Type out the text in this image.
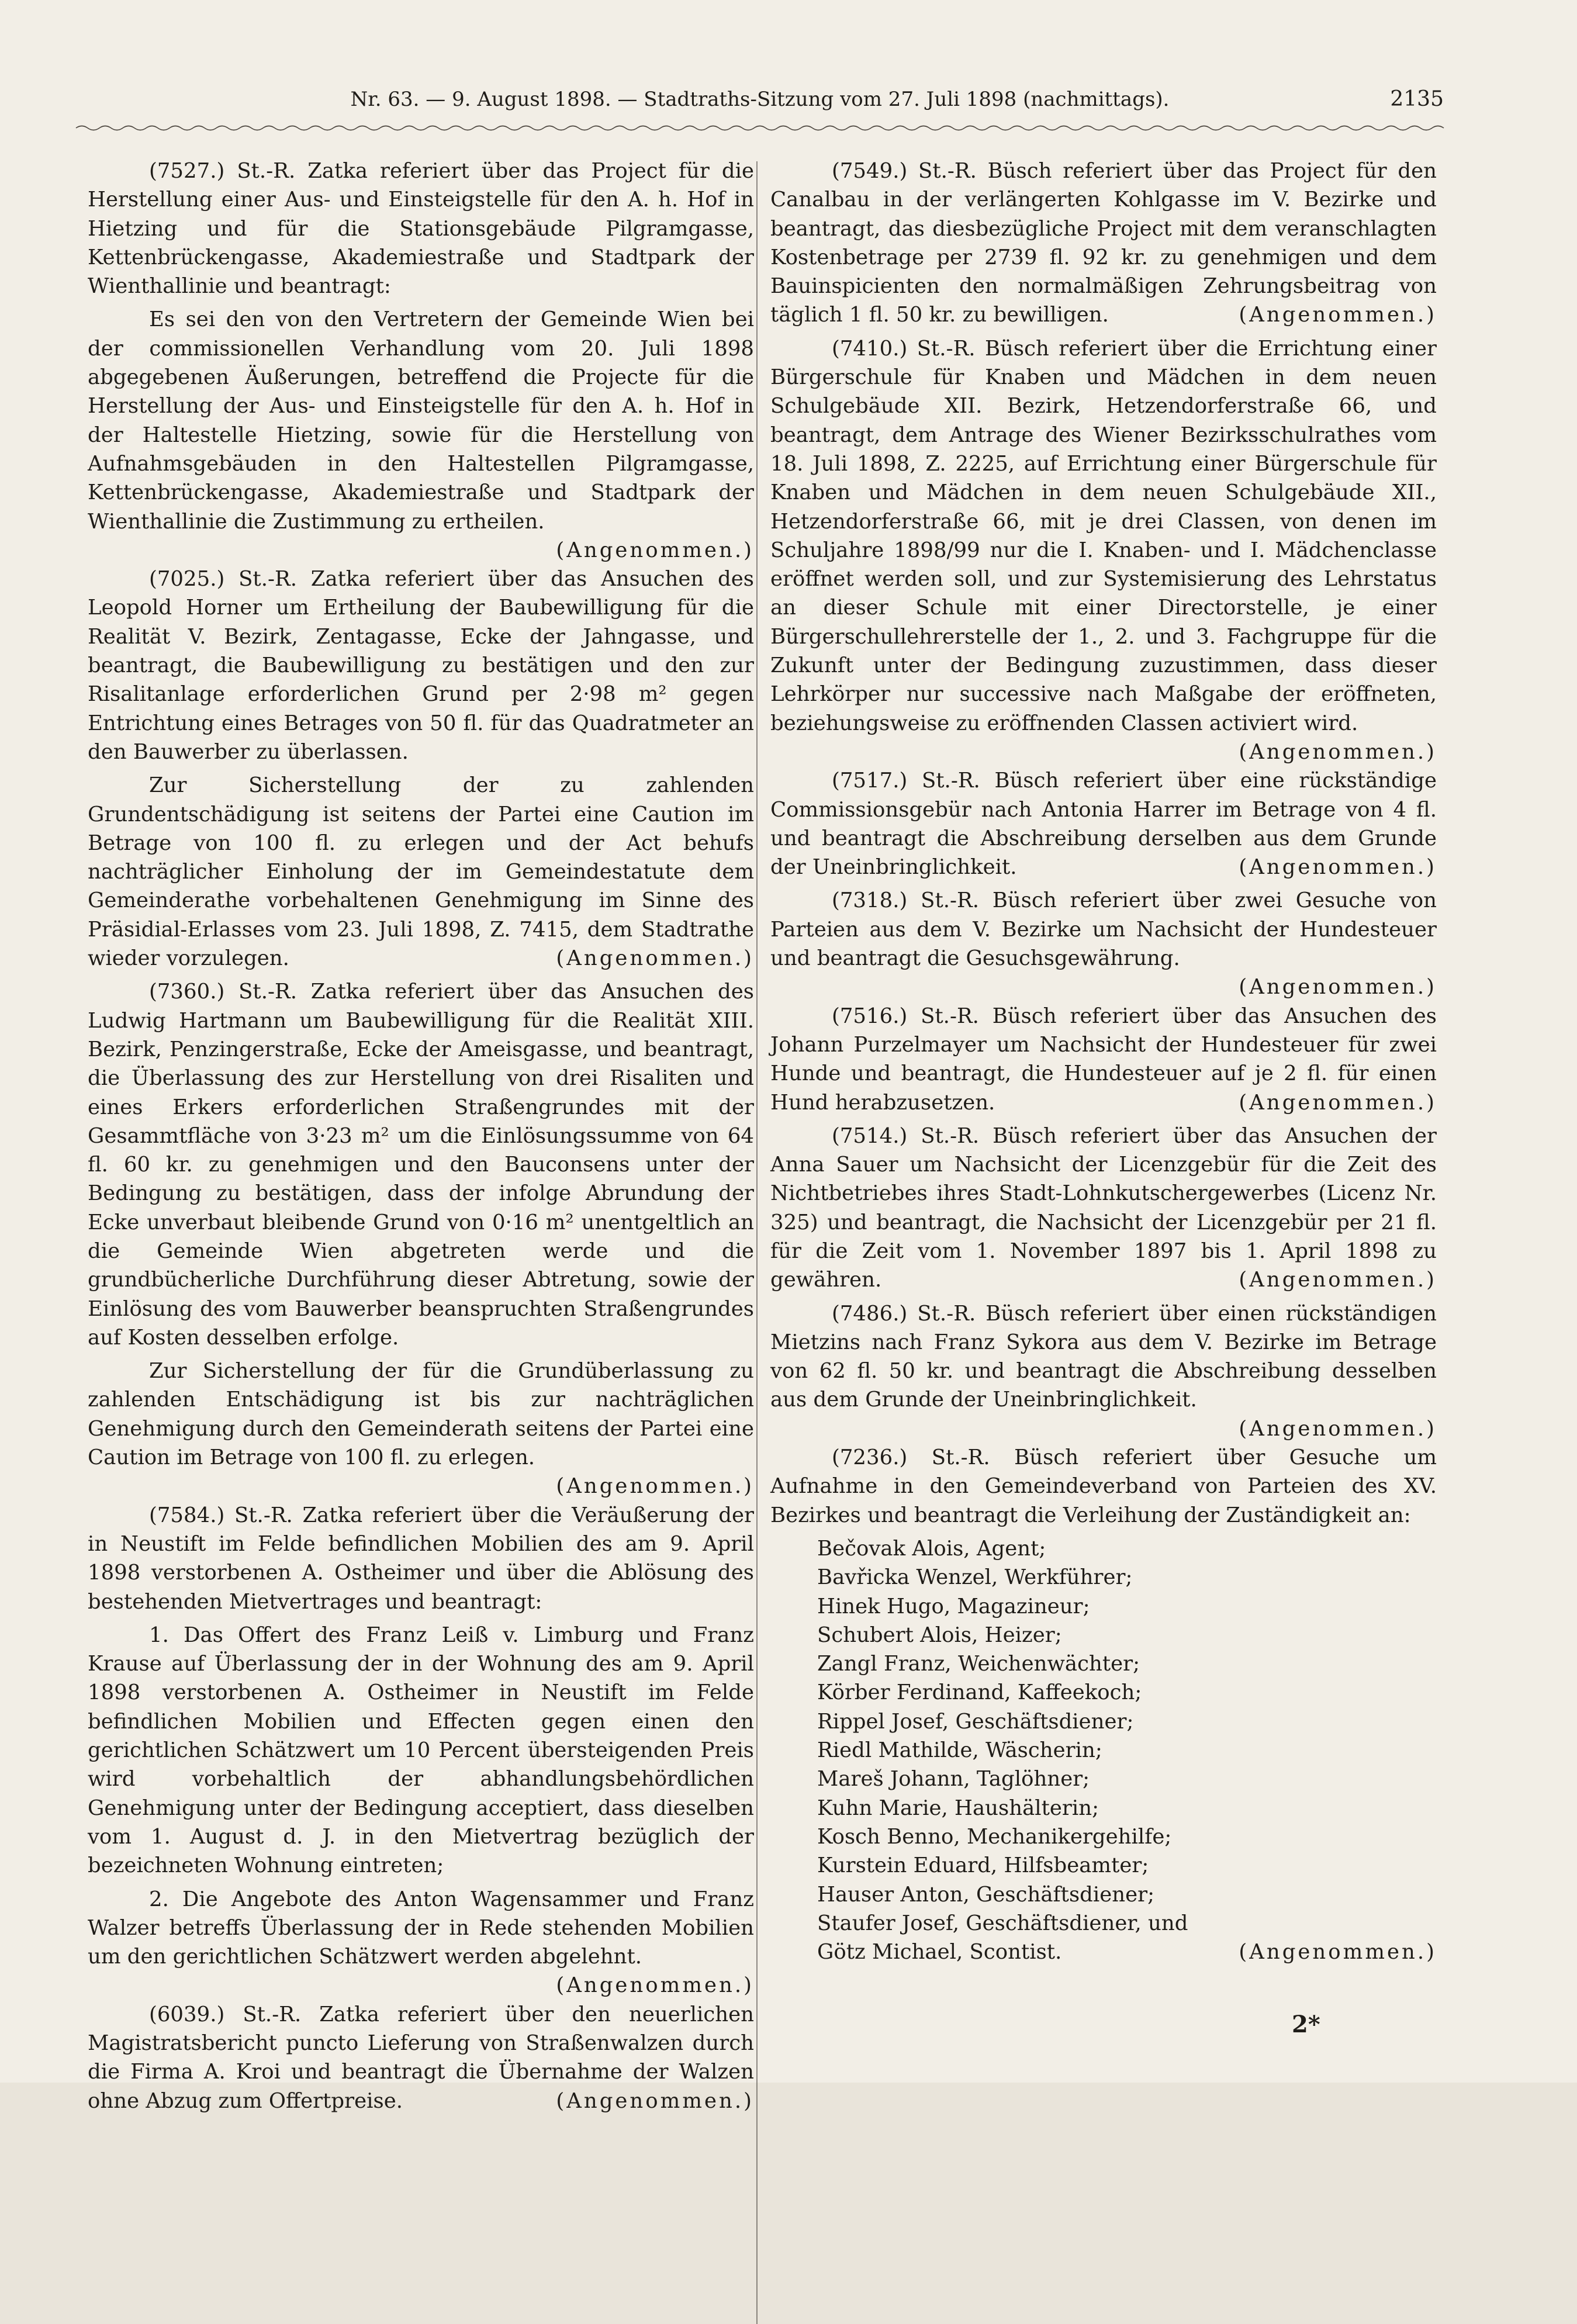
Nr. 63. — 9. August 1898. — Stadtraths-Sitzung vom 27. Juli 1898 (nachmittags).	2135

(7527.) St.-R. Zatka referiert über das Project für die Herstellung einer Aus- und Einsteigstelle für den A. h. Hof in Hietzing und für die Stationsgebäude Pilgramgasse, Kettenbrückengasse, Akademiestraße und Stadtpark der Wienthallinie und beantragt:

Es sei den von den Vertretern der Gemeinde Wien bei der commissionellen Verhandlung vom 20. Juli 1898 abgegebenen Äußerungen, betreffend die Projecte für die Herstellung der Aus- und Einsteigstelle für den A. h. Hof in der Haltestelle Hietzing, sowie für die Herstellung von Aufnahmsgebäuden in den Haltestellen Pilgramgasse, Kettenbrückengasse, Akademiestraße und Stadtpark der Wienthallinie die Zustimmung zu ertheilen.
(Angenommen.)

(7025.) St.-R. Zatka referiert über das Ansuchen des Leopold Horner um Ertheilung der Baubewilligung für die Realität V. Bezirk, Zentagasse, Ecke der Jahngasse, und beantragt, die Baubewilligung zu bestätigen und den zur Risalitanlage erforderlichen Grund per 2·98 m² gegen Entrichtung eines Betrages von 50 fl. für das Quadratmeter an den Bauwerber zu überlassen.

Zur Sicherstellung der zu zahlenden Grundentschädigung ist seitens der Partei eine Caution im Betrage von 100 fl. zu erlegen und der Act behufs nachträglicher Einholung der im Gemeindestatute dem Gemeinderathe vorbehaltenen Genehmigung im Sinne des Präsidial-Erlasses vom 23. Juli 1898, Z. 7415, dem Stadtrathe wieder vorzulegen.	(Angenommen.)

(7360.) St.-R. Zatka referiert über das Ansuchen des Ludwig Hartmann um Baubewilligung für die Realität XIII. Bezirk, Penzingerstraße, Ecke der Ameisgasse, und beantragt, die Überlassung des zur Herstellung von drei Risaliten und eines Erkers erforderlichen Straßengrundes mit der Gesammtfläche von 3·23 m² um die Einlösungssumme von 64 fl. 60 kr. zu genehmigen und den Bauconsens unter der Bedingung zu bestätigen, dass der infolge Abrundung der Ecke unverbaut bleibende Grund von 0·16 m² unentgeltlich an die Gemeinde Wien abgetreten werde und die grundbücherliche Durchführung dieser Abtretung, sowie der Einlösung des vom Bauwerber beanspruchten Straßengrundes auf Kosten desselben erfolge.

Zur Sicherstellung der für die Grundüberlassung zu zahlenden Entschädigung ist bis zur nachträglichen Genehmigung durch den Gemeinderath seitens der Partei eine Caution im Betrage von 100 fl. zu erlegen.
(Angenommen.)

(7584.) St.-R. Zatka referiert über die Veräußerung der in Neustift im Felde befindlichen Mobilien des am 9. April 1898 verstorbenen A. Ostheimer und über die Ablösung des bestehenden Mietvertrages und beantragt:

1. Das Offert des Franz Leiß v. Limburg und Franz Krause auf Überlassung der in der Wohnung des am 9. April 1898 verstorbenen A. Ostheimer in Neustift im Felde befindlichen Mobilien und Effecten gegen einen den gerichtlichen Schätzwert um 10 Percent übersteigenden Preis wird vorbehaltlich der abhandlungsbehördlichen Genehmigung unter der Bedingung acceptiert, dass dieselben vom 1. August d. J. in den Mietvertrag bezüglich der bezeichneten Wohnung eintreten;

2. Die Angebote des Anton Wagensammer und Franz Walzer betreffs Überlassung der in Rede stehenden Mobilien um den gerichtlichen Schätzwert werden abgelehnt.
(Angenommen.)

(6039.) St.-R. Zatka referiert über den neuerlichen Magistratsbericht puncto Lieferung von Straßenwalzen durch die Firma A. Kroi und beantragt die Übernahme der Walzen ohne Abzug zum Offertpreise.	(Angenommen.)

(7549.) St.-R. Büsch referiert über das Project für den Canalbau in der verlängerten Kohlgasse im V. Bezirke und beantragt, das diesbezügliche Project mit dem veranschlagten Kostenbetrage per 2739 fl. 92 kr. zu genehmigen und dem Bauinspicienten den normalmäßigen Zehrungsbeitrag von täglich 1 fl. 50 kr. zu bewilligen.	(Angenommen.)

(7410.) St.-R. Büsch referiert über die Errichtung einer Bürgerschule für Knaben und Mädchen in dem neuen Schulgebäude XII. Bezirk, Hetzendorferstraße 66, und beantragt, dem Antrage des Wiener Bezirksschulrathes vom 18. Juli 1898, Z. 2225, auf Errichtung einer Bürgerschule für Knaben und Mädchen in dem neuen Schulgebäude XII., Hetzendorferstraße 66, mit je drei Classen, von denen im Schuljahre 1898/99 nur die I. Knaben- und I. Mädchenclasse eröffnet werden soll, und zur Systemisierung des Lehrstatus an dieser Schule mit einer Directorstelle, je einer Bürgerschullehrerstelle der 1., 2. und 3. Fachgruppe für die Zukunft unter der Bedingung zuzustimmen, dass dieser Lehrkörper nur successive nach Maßgabe der eröffneten, beziehungsweise zu eröffnenden Classen activiert wird.
(Angenommen.)

(7517.) St.-R. Büsch referiert über eine rückständige Commissionsgebür nach Antonia Harrer im Betrage von 4 fl. und beantragt die Abschreibung derselben aus dem Grunde der Uneinbringlichkeit.	(Angenommen.)

(7318.) St.-R. Büsch referiert über zwei Gesuche von Parteien aus dem V. Bezirke um Nachsicht der Hundesteuer und beantragt die Gesuchsgewährung.
(Angenommen.)

(7516.) St.-R. Büsch referiert über das Ansuchen des Johann Purzelmayer um Nachsicht der Hundesteuer für zwei Hunde und beantragt, die Hundesteuer auf je 2 fl. für einen Hund herabzusetzen.	(Angenommen.)

(7514.) St.-R. Büsch referiert über das Ansuchen der Anna Sauer um Nachsicht der Licenzgebür für die Zeit des Nichtbetriebes ihres Stadt-Lohnkutschergewerbes (Licenz Nr. 325) und beantragt, die Nachsicht der Licenzgebür per 21 fl. für die Zeit vom 1. November 1897 bis 1. April 1898 zu gewähren.	(Angenommen.)

(7486.) St.-R. Büsch referiert über einen rückständigen Mietzins nach Franz Sykora aus dem V. Bezirke im Betrage von 62 fl. 50 kr. und beantragt die Abschreibung desselben aus dem Grunde der Uneinbringlichkeit.
(Angenommen.)

(7236.) St.-R. Büsch referiert über Gesuche um Aufnahme in den Gemeindeverband von Parteien des XV. Bezirkes und beantragt die Verleihung der Zuständigkeit an:

Bečovak Alois, Agent;
Bavřicka Wenzel, Werkführer;
Hinek Hugo, Magazineur;
Schubert Alois, Heizer;
Zangl Franz, Weichenwächter;
Körber Ferdinand, Kaffeekoch;
Rippel Josef, Geschäftsdiener;
Riedl Mathilde, Wäscherin;
Mareš Johann, Taglöhner;
Kuhn Marie, Haushälterin;
Kosch Benno, Mechanikergehilfe;
Kurstein Eduard, Hilfsbeamter;
Hauser Anton, Geschäftsdiener;
Staufer Josef, Geschäftsdiener, und
Götz Michael, Scontist.	(Angenommen.)
2*
